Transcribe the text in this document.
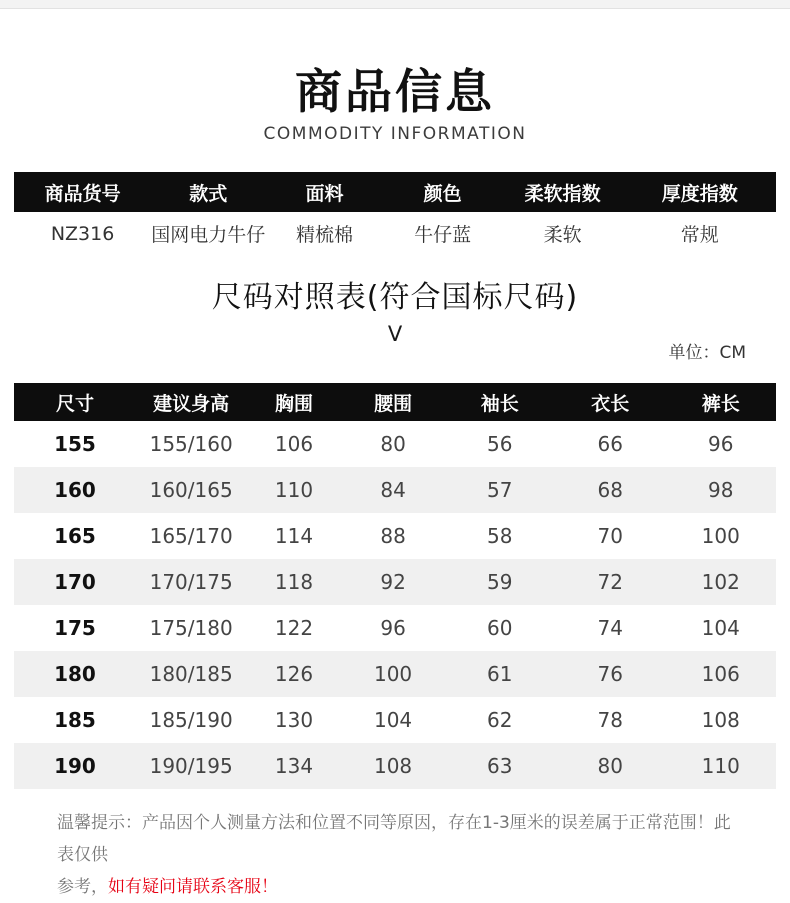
商品信息
COMMODITY INFORMATION
商品货号	款式	面料	颜色	柔软指数	厚度指数
NZ316	国网电力牛仔	精梳棉	牛仔蓝	柔软	常规
尺码对照表(符合国标尺码)
V
单位：CM
尺寸	建议身高	胸围	腰围	袖长	衣长	裤长
155	155/160	106	80	56	66	96
160	160/165	110	84	57	68	98
165	165/170	114	88	58	70	100
170	170/175	118	92	59	72	102
175	175/180	122	96	60	74	104
180	180/185	126	100	61	76	106
185	185/190	130	104	62	78	108
190	190/195	134	108	63	80	110
温馨提示：产品因个人测量方法和位置不同等原因，存在1-3厘米的误差属于正常范围！此表仅供
参考，如有疑问请联系客服！
